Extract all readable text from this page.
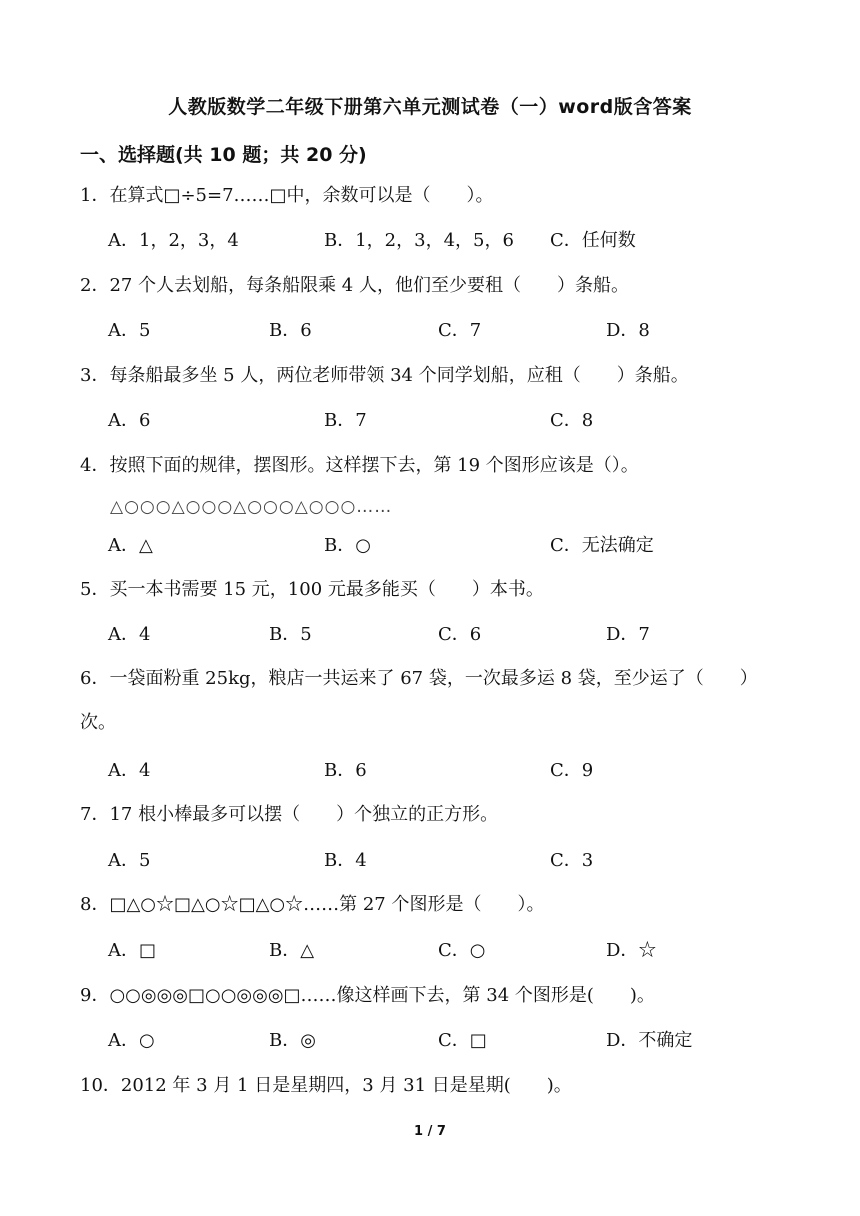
人教版数学二年级下册第六单元测试卷（一）word版含答案
一、选择题(共 10 题；共 20 分)
1．在算式□÷5=7……□中，余数可以是（　　）。
A．1，2，3，4	B．1，2，3，4，5，6 C．任何数
2．27 个人去划船，每条船限乘 4 人，他们至少要租（　　）条船。
A．5	B．6	C．7	D．8
3．每条船最多坐 5 人，两位老师带领 34 个同学划船，应租（　　）条船。
A．6	B．7	C．8
4．按照下面的规律，摆图形。这样摆下去，第 19 个图形应该是（）。
△○○○△○○○△○○○△○○○……
A．△	B．○	C．无法确定
5．买一本书需要 15 元，100 元最多能买（　　）本书。
A．4	B．5	C．6	D．7
6．一袋面粉重 25kg，粮店一共运来了 67 袋，一次最多运 8 袋，至少运了（　　）次。
A．4	B．6	C．9
7．17 根小棒最多可以摆（　　）个独立的正方形。
A．5	B．4	C．3
8．□△○☆□△○☆□△○☆……第 27 个图形是（　　）。
A．□	B．△	C．○	D．☆
9．○○◎◎◎□○○◎◎◎□……像这样画下去，第 34 个图形是(　　)。
A．○	B．◎	C．□	D．不确定
10．2012 年 3 月 1 日是星期四，3 月 31 日是星期(　　)。
1 / 7
